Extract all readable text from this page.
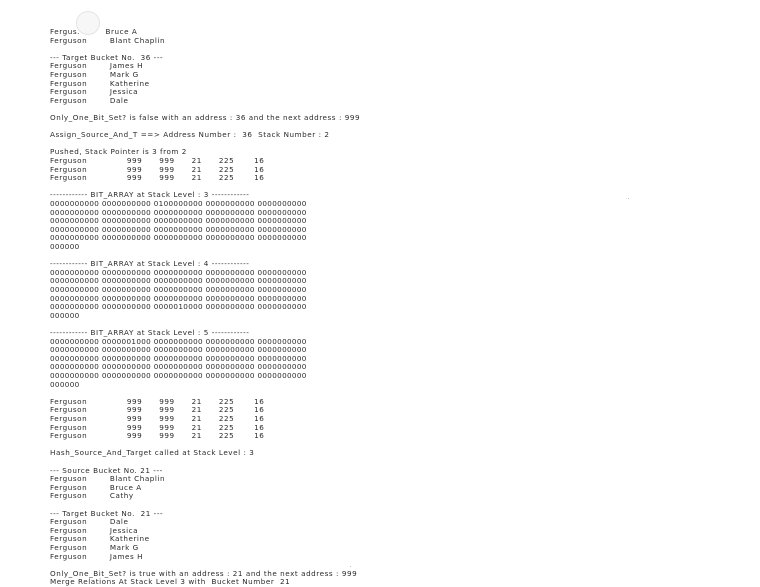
Fergus.         Bruce A
Ferguson        Blant Chaplin
--- Target Bucket No.  36 ---
Ferguson        James H
Ferguson        Mark G
Ferguson        Katherine
Ferguson        Jessica
Ferguson        Dale
Only_One_Bit_Set? is false with an address : 36 and the next address : 999
Assign_Source_And_T ==> Address Number :  36  Stack Number : 2
Pushed, Stack Pointer is 3 from 2
Ferguson              999      999      21      225       16
Ferguson              999      999      21      225       16
Ferguson              999      999      21      225       16
------------ BIT_ARRAY at Stack Level : 3 ------------
0000000000 0000000000 0100000000 0000000000 0000000000
0000000000 0000000000 0000000000 0000000000 0000000000
0000000000 0000000000 0000000000 0000000000 0000000000
0000000000 0000000000 0000000000 0000000000 0000000000
0000000000 0000000000 0000000000 0000000000 0000000000
000000
------------ BIT_ARRAY at Stack Level : 4 ------------
0000000000 0000000000 0000000000 0000000000 0000000000
0000000000 0000000000 0000000000 0000000000 0000000000
0000000000 0000000000 0000000000 0000000000 0000000000
0000000000 0000000000 0000000000 0000000000 0000000000
0000000000 0000000000 0000010000 0000000000 0000000000
000000
------------ BIT_ARRAY at Stack Level : 5 ------------
0000000000 0000001000 0000000000 0000000000 0000000000
0000000000 0000000000 0000000000 0000000000 0000000000
0000000000 0000000000 0000000000 0000000000 0000000000
0000000000 0000000000 0000000000 0000000000 0000000000
0000000000 0000000000 0000000000 0000000000 0000000000
000000
Ferguson              999      999      21      225       16
Ferguson              999      999      21      225       16
Ferguson              999      999      21      225       16
Ferguson              999      999      21      225       16
Ferguson              999      999      21      225       16
Hash_Source_And_Target called at Stack Level : 3
--- Source Bucket No. 21 ---
Ferguson        Blant Chaplin
Ferguson        Bruce A
Ferguson        Cathy
--- Target Bucket No.  21 ---
Ferguson        Dale
Ferguson        Jessica
Ferguson        Katherine
Ferguson        Mark G
Ferguson        James H
Only_One_Bit_Set? is true with an address : 21 and the next address : 999
Merge Relations At Stack Level 3 with  Bucket Number  21
